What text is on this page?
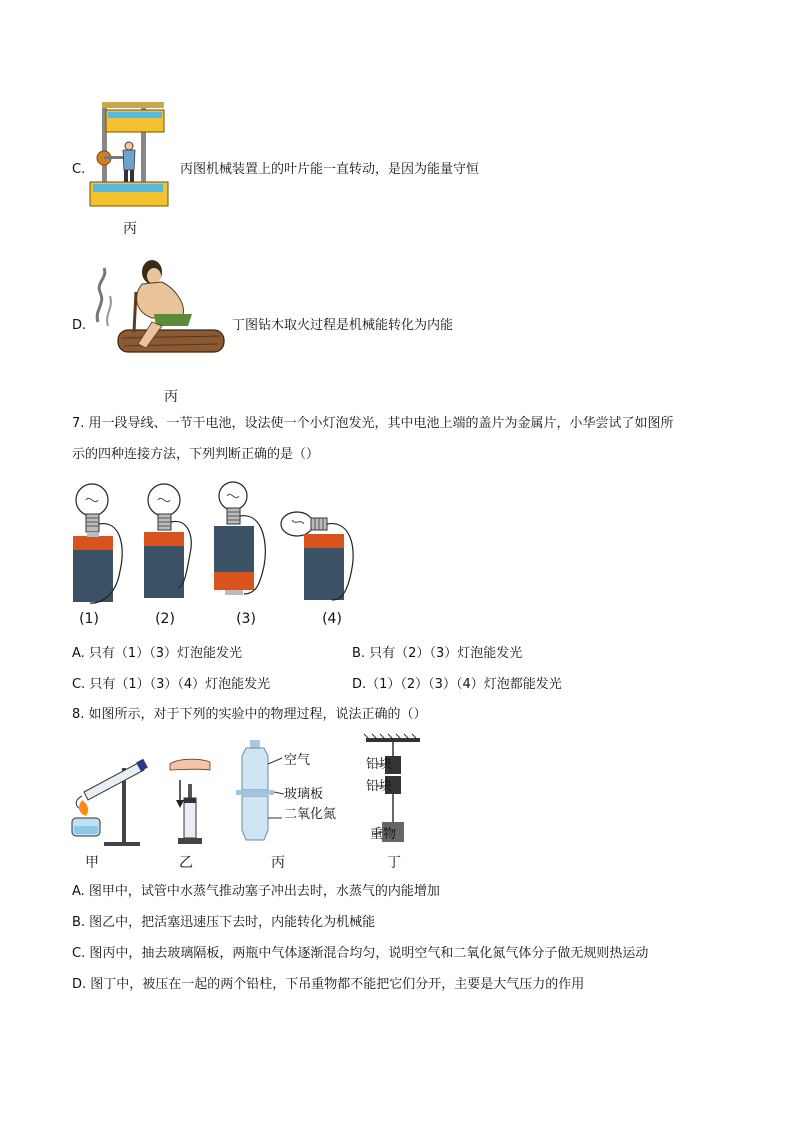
C.	丙图机械装置上的叶片能一直转动，是因为能量守恒
丙
D.	丁图钻木取火过程是机械能转化为内能
丙
7. 用一段导线、一节干电池，设法使一个小灯泡发光，其中电池上端的盖片为金属片，小华尝试了如图所
示的四种连接方法，下列判断正确的是（）
(1)	(2)	(3)	(4)
A. 只有（1）（3）灯泡能发光	B. 只有（2）（3）灯泡能发光
C. 只有（1）（3）（4）灯泡能发光	D.（1）（2）（3）（4）灯泡都能发光
8. 如图所示，对于下列的实验中的物理过程，说法正确的（）
空气
玻璃板
二氧化氮
铅块
铅块
重物
甲	乙	丙	丁
A. 图甲中，试管中水蒸气推动塞子冲出去时，水蒸气的内能增加
B. 图乙中，把活塞迅速压下去时，内能转化为机械能
C. 图丙中，抽去玻璃隔板，两瓶中气体逐渐混合均匀，说明空气和二氧化氮气体分子做无规则热运动
D. 图丁中，被压在一起的两个铅柱，下吊重物都不能把它们分开，主要是大气压力的作用
